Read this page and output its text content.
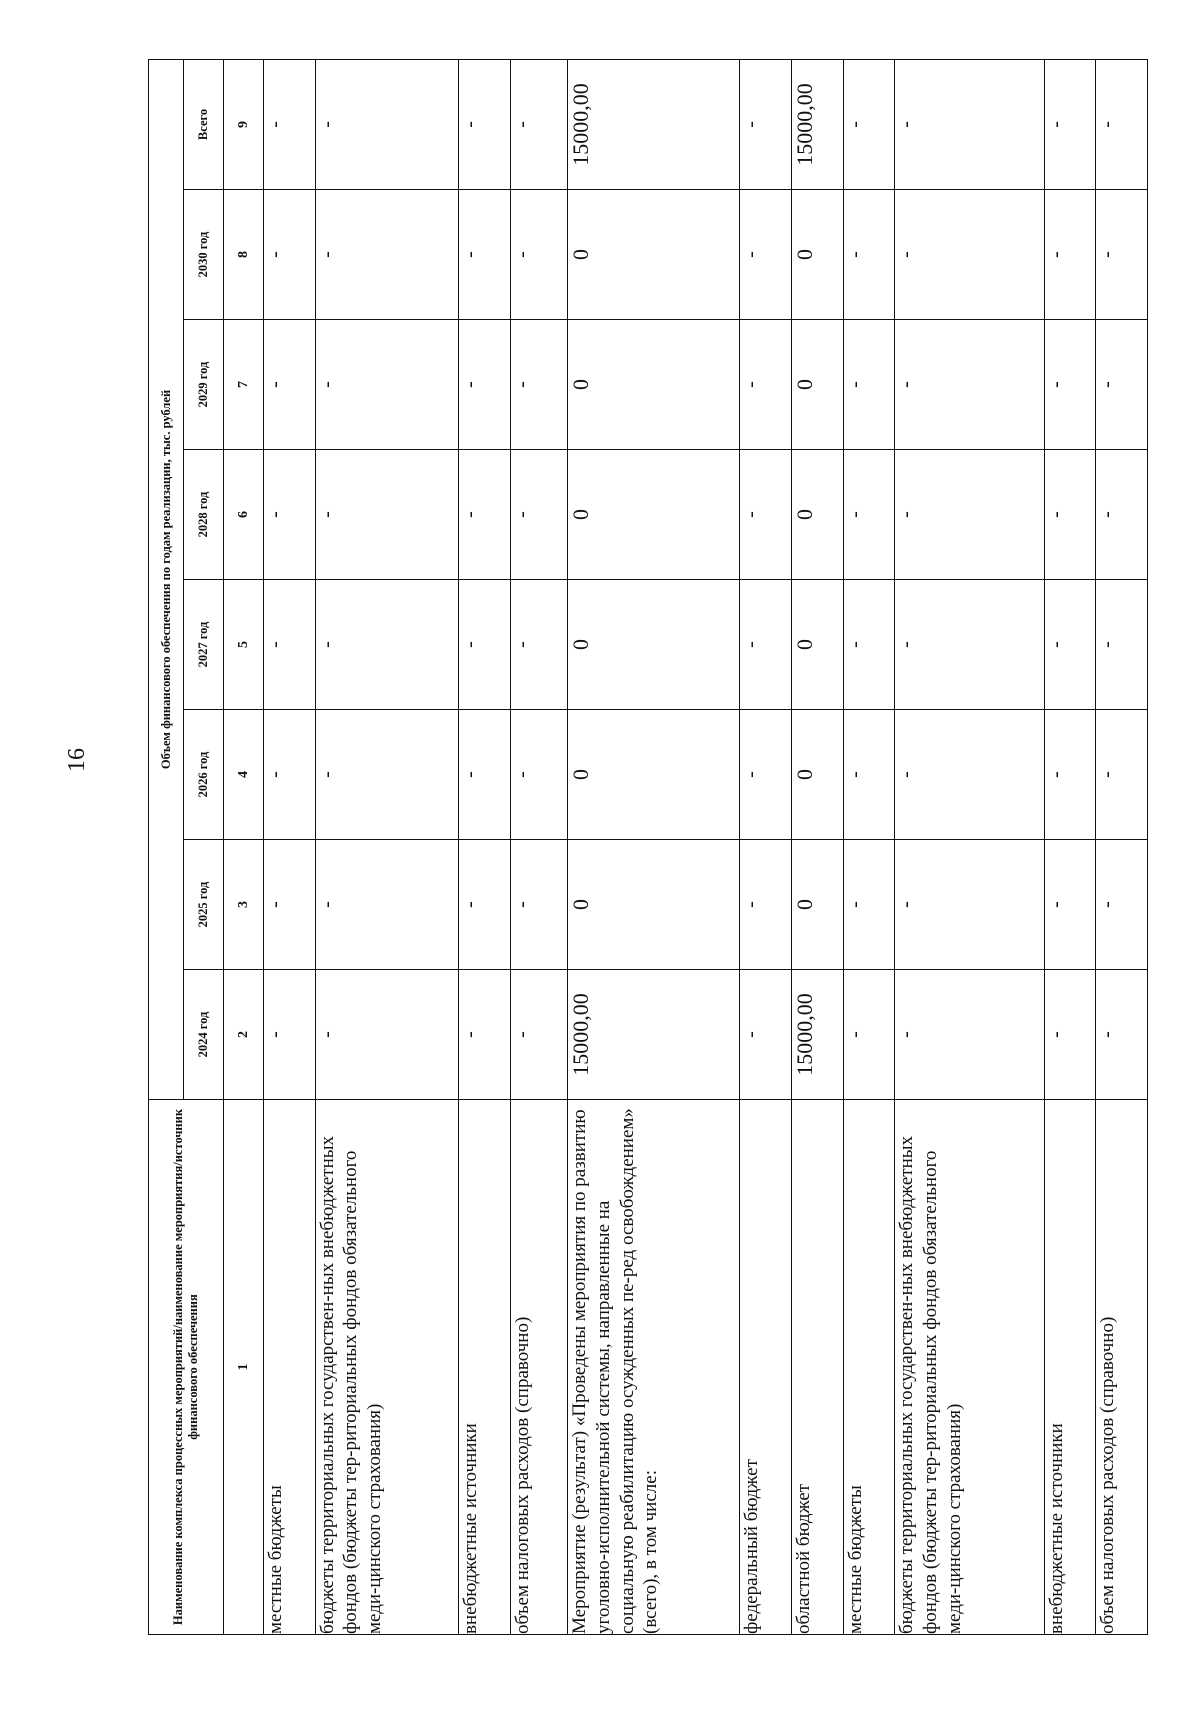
16
Наименование комплекса процессных мероприятий/наименование мероприятия/источник финансового обеспечения	Объем финансового обеспечения по годам реализации, тыс. рублей							
	2024 год	2025 год	2026 год	2027 год	2028 год	2029 год	2030 год	Всего
1	2	3	4	5	6	7	8	9
местные бюджеты	-	-	-	-	-	-	-	-
бюджеты территориальных государствен-ных внебюджетных фондов (бюджеты тер-риториальных фондов обязательного меди-цинского страхования)	-	-	-	-	-	-	-	-
внебюджетные источники	-	-	-	-	-	-	-	-
объем налоговых расходов (справочно)	-	-	-	-	-	-	-	-
Мероприятие (результат) «Проведены мероприятия по развитию уголовно-исполнительной системы, направленные на социальную реабилитацию осужденных пе-ред освобождением» (всего), в том числе:	15000,00	0	0	0	0	0	0	15000,00
федеральный бюджет	-	-	-	-	-	-	-	-
областной бюджет	15000,00	0	0	0	0	0	0	15000,00
местные бюджеты	-	-	-	-	-	-	-	-
бюджеты территориальных государствен-ных внебюджетных фондов (бюджеты тер-риториальных фондов обязательного меди-цинского страхования)	-	-	-	-	-	-	-	-
внебюджетные источники	-	-	-	-	-	-	-	-
объем налоговых расходов (справочно)	-	-	-	-	-	-	-	-
